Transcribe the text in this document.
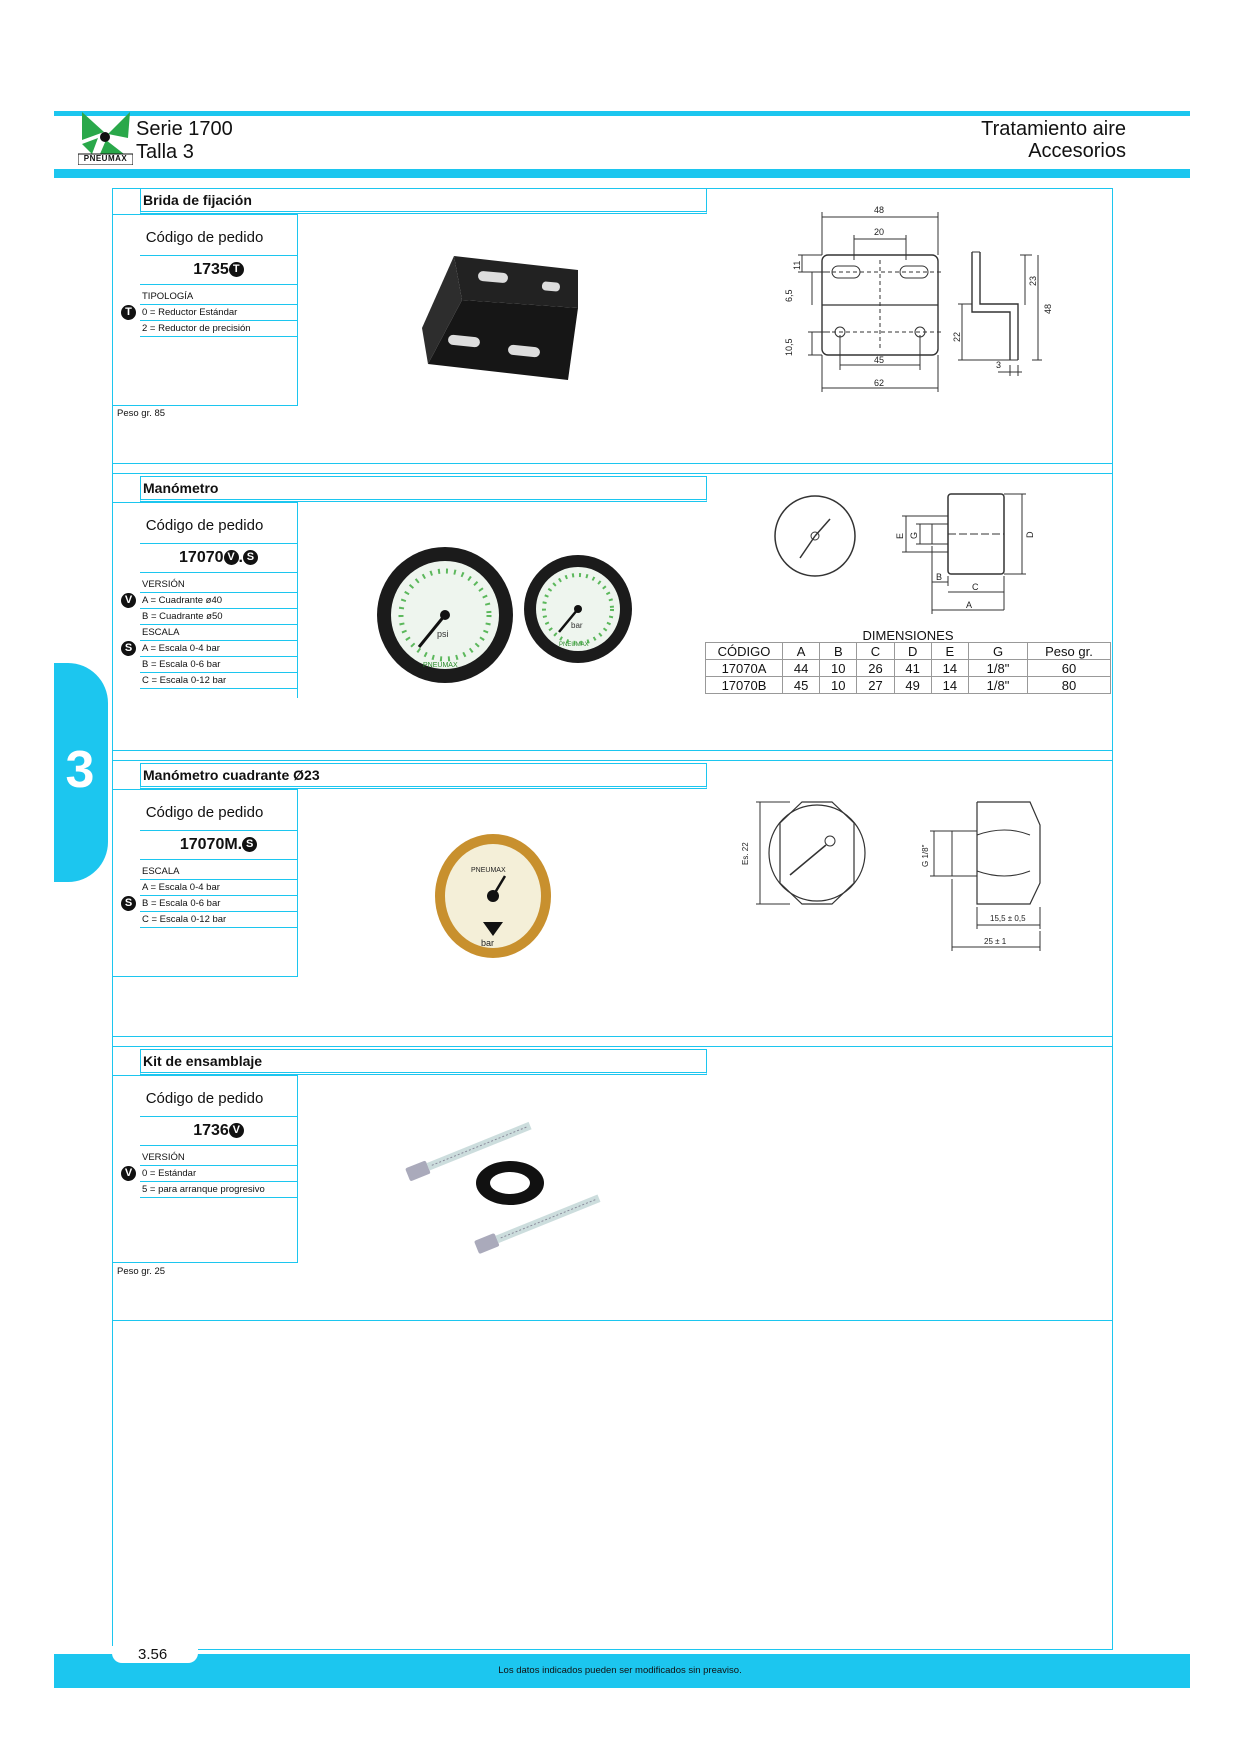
PNEUMAX
Serie 1700
Talla 3
Tratamiento aire
Accesorios
3
Brida de fijación
Código de pedido
1735 T
TIPOLOGÍA
T	0 = Reductor Estándar
2 = Reductor de precisión
Peso gr. 85
48
20
45
62
11
6,5
10,5
23
48
22
3
Manómetro
Código de pedido
17070 V . S
VERSIÓN
V	A = Cuadrante ø40
B = Cuadrante ø50
ESCALA
S	A = Escala 0-4 bar
B = Escala 0-6 bar
C = Escala 0-12 bar
psi
PNEUMAX
bar
PNEUMAX
E G	D
B
C
A
DIMENSIONES
CÓDIGO	A	B	C	D	E	G	Peso gr.
17070A	44	10	26	41	14	1/8"	60
17070B	45	10	27	49	14	1/8"	80
Manómetro cuadrante Ø23
Código de pedido
17070M. S
ESCALA
A = Escala 0-4 bar
S	B = Escala 0-6 bar
C = Escala 0-12 bar
PNEUMAX
bar
Es. 22	G 1/8"
15,5 ± 0,5
25 ± 1
Kit de ensamblaje
Código de pedido
1736 V
VERSIÓN
V	0 = Estándar
5 = para arranque progresivo
Peso gr. 25
3.56
Los datos indicados pueden ser modificados sin preaviso.
